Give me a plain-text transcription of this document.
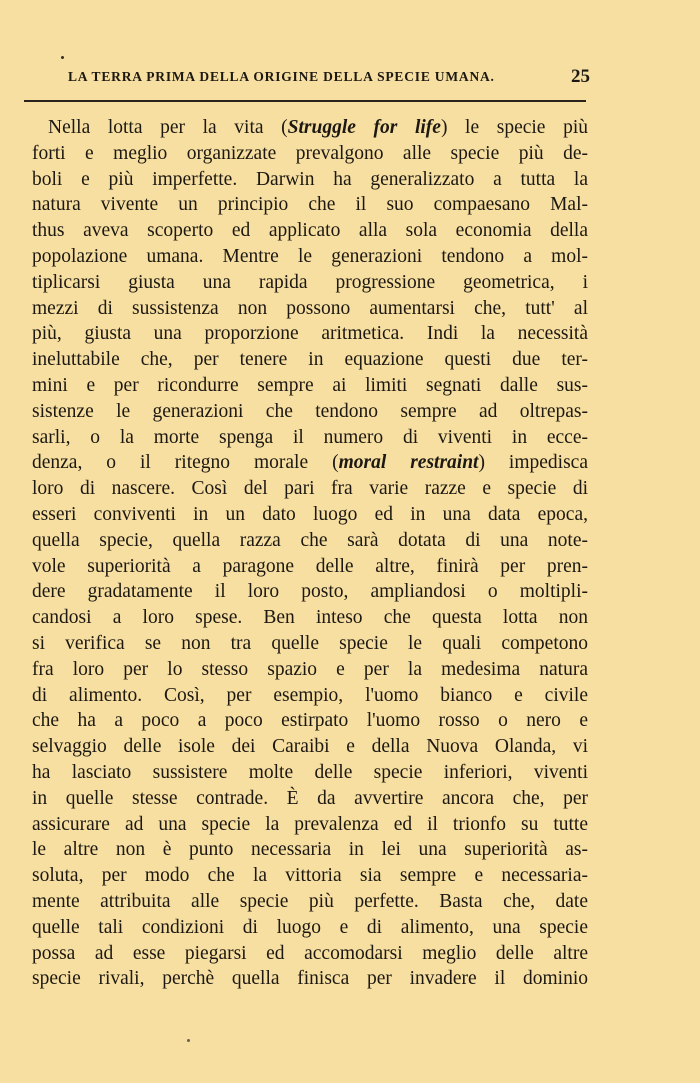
LA TERRA PRIMA DELLA ORIGINE DELLA SPECIE UMANA.	25
Nella lotta per la vita (Struggle for life) le specie più
forti e meglio organizzate prevalgono alle specie più de-
boli e più imperfette. Darwin ha generalizzato a tutta la
natura vivente un principio che il suo compaesano Mal-
thus aveva scoperto ed applicato alla sola economia della
popolazione umana. Mentre le generazioni tendono a mol-
tiplicarsi giusta una rapida progressione geometrica, i
mezzi di sussistenza non possono aumentarsi che, tutt' al
più, giusta una proporzione aritmetica. Indi la necessità
ineluttabile che, per tenere in equazione questi due ter-
mini e per ricondurre sempre ai limiti segnati dalle sus-
sistenze le generazioni che tendono sempre ad oltrepas-
sarli, o la morte spenga il numero di viventi in ecce-
denza, o il ritegno morale (moral restraint) impedisca
loro di nascere. Così del pari fra varie razze e specie di
esseri conviventi in un dato luogo ed in una data epoca,
quella specie, quella razza che sarà dotata di una note-
vole superiorità a paragone delle altre, finirà per pren-
dere gradatamente il loro posto, ampliandosi o moltipli-
candosi a loro spese. Ben inteso che questa lotta non
si verifica se non tra quelle specie le quali competono
fra loro per lo stesso spazio e per la medesima natura
di alimento. Così, per esempio, l'uomo bianco e civile
che ha a poco a poco estirpato l'uomo rosso o nero e
selvaggio delle isole dei Caraibi e della Nuova Olanda, vi
ha lasciato sussistere molte delle specie inferiori, viventi
in quelle stesse contrade. È da avvertire ancora che, per
assicurare ad una specie la prevalenza ed il trionfo su tutte
le altre non è punto necessaria in lei una superiorità as-
soluta, per modo che la vittoria sia sempre e necessaria-
mente attribuita alle specie più perfette. Basta che, date
quelle tali condizioni di luogo e di alimento, una specie
possa ad esse piegarsi ed accomodarsi meglio delle altre
specie rivali, perchè quella finisca per invadere il dominio
